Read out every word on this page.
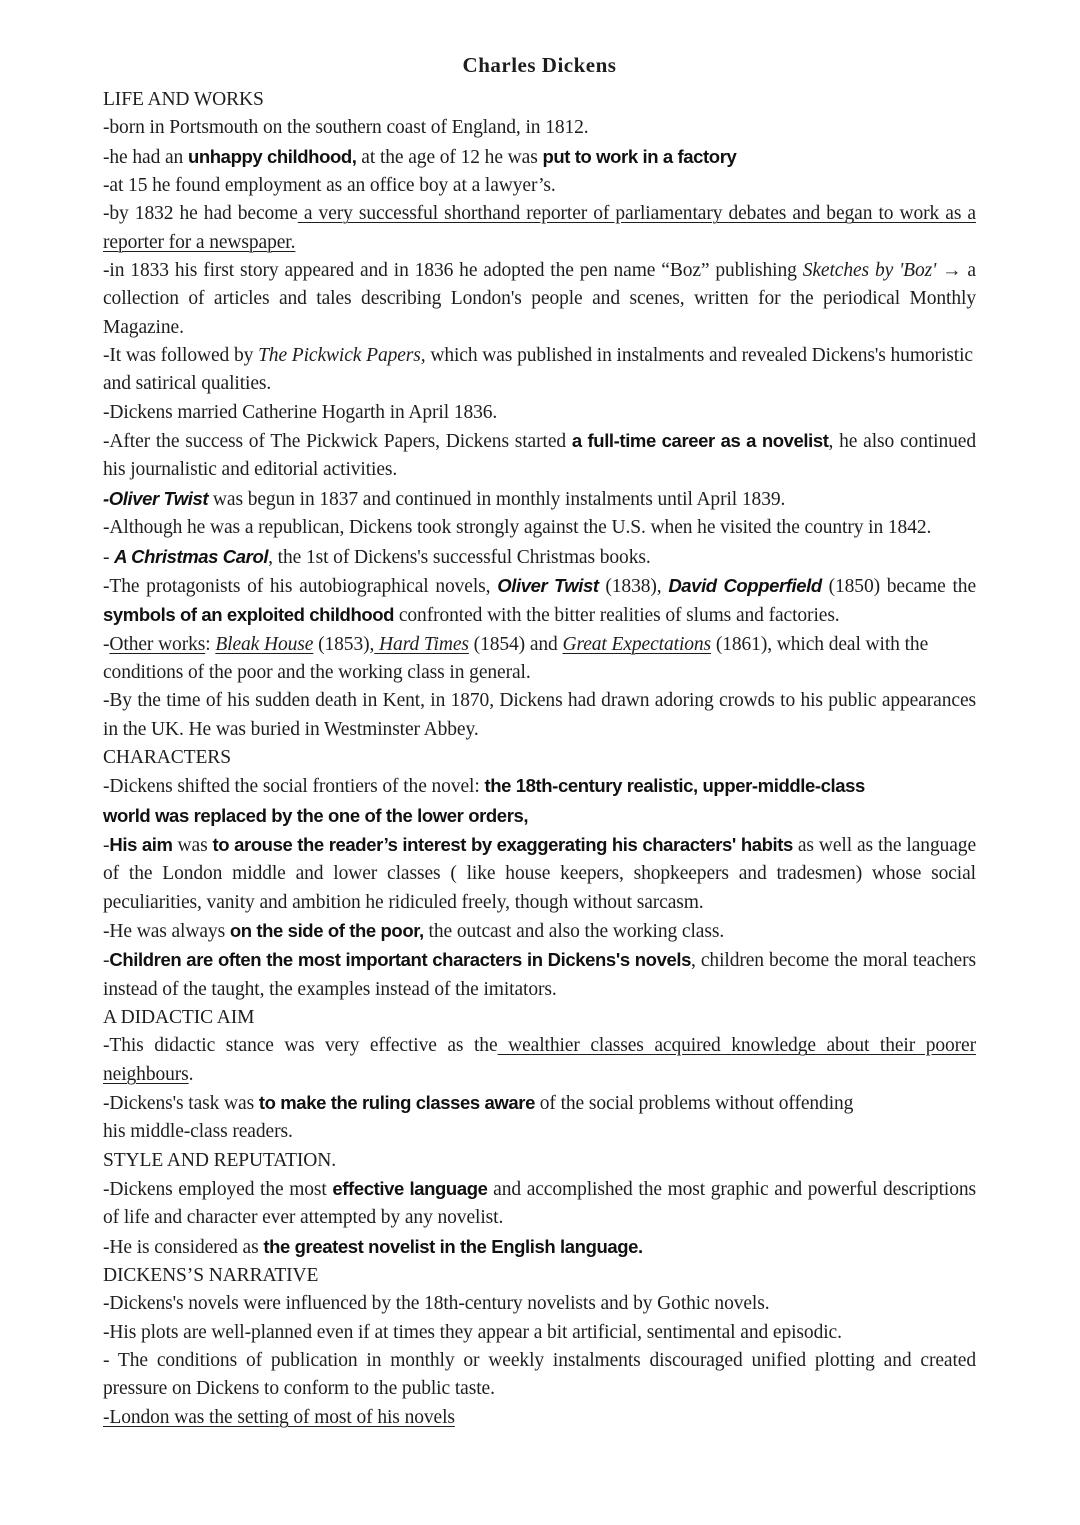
Charles Dickens

LIFE AND WORKS

-born in Portsmouth on the southern coast of England, in 1812.

-he had an unhappy childhood, at the age of 12 he was put to work in a factory

-at 15 he found employment as an office boy at a lawyer’s.

-by 1832 he had become a very successful shorthand reporter of parliamentary debates and began to work as a reporter for a newspaper.

-in 1833 his first story appeared and in 1836 he adopted the pen name “Boz” publishing Sketches by 'Boz' → a collection of articles and tales describing London's people and scenes, written for the periodical Monthly Magazine.

-It was followed by The Pickwick Papers, which was published in instalments and revealed Dickens's humoristic and satirical qualities.

-Dickens married Catherine Hogarth in April 1836.

-After the success of The Pickwick Papers, Dickens started a full-time career as a novelist, he also continued his journalistic and editorial activities.

-Oliver Twist was begun in 1837 and continued in monthly instalments until April 1839.

-Although he was a republican, Dickens took strongly against the U.S. when he visited the country in 1842.

- A Christmas Carol, the 1st of Dickens's successful Christmas books.

-The protagonists of his autobiographical novels, Oliver Twist (1838), David Copperfield (1850) became the symbols of an exploited childhood confronted with the bitter realities of slums and factories.

-Other works: Bleak House (1853), Hard Times (1854) and Great Expectations (1861), which deal with the conditions of the poor and the working class in general.

-By the time of his sudden death in Kent, in 1870, Dickens had drawn adoring crowds to his public appearances in the UK. He was buried in Westminster Abbey.

CHARACTERS

-Dickens shifted the social frontiers of the novel: the 18th-century realistic, upper-middle-class
world was replaced by the one of the lower orders,

-His aim was to arouse the reader’s interest by exaggerating his characters' habits as well as the language of the London middle and lower classes ( like house keepers, shopkeepers and tradesmen) whose social peculiarities, vanity and ambition he ridiculed freely, though without sarcasm.

-He was always on the side of the poor, the outcast and also the working class.

-Children are often the most important characters in Dickens's novels, children become the moral teachers instead of the taught, the examples instead of the imitators.

A DIDACTIC AIM

-This didactic stance was very effective as the wealthier classes acquired knowledge about their poorer neighbours.

-Dickens's task was to make the ruling classes aware of the social problems without offending
his middle-class readers.

STYLE AND REPUTATION.

-Dickens employed the most effective language and accomplished the most graphic and powerful descriptions of life and character ever attempted by any novelist.

-He is considered as the greatest novelist in the English language.

DICKENS’S NARRATIVE

-Dickens's novels were influenced by the 18th-century novelists and by Gothic novels.

-His plots are well-planned even if at times they appear a bit artificial, sentimental and episodic.

- The conditions of publication in monthly or weekly instalments discouraged unified plotting and created pressure on Dickens to conform to the public taste.

-London was the setting of most of his novels
